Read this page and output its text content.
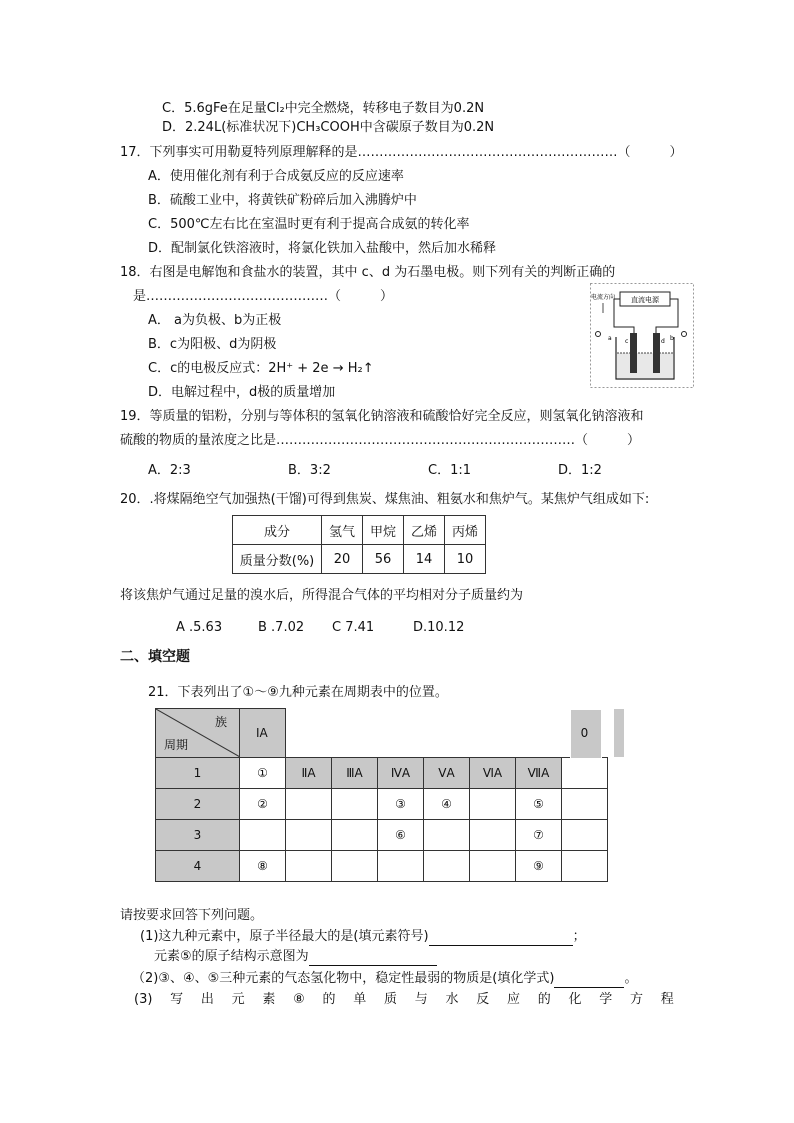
C．5.6gFe在足量Cl₂中完全燃烧，转移电子数目为0.2N
D．2.24L(标准状况下)CH₃COOH中含碳原子数目为0.2N
17．下列事实可用勒夏特列原理解释的是……………………………………………………（　　　）
A．使用催化剂有利于合成氨反应的反应速率
B．硫酸工业中，将黄铁矿粉碎后加入沸腾炉中
C．500℃左右比在室温时更有利于提高合成氨的转化率
D．配制氯化铁溶液时，将氯化铁加入盐酸中，然后加水稀释
18．右图是电解饱和食盐水的装置，其中 c、d 为石墨电极。则下列有关的判断正确的
是……………………………………（　　　）
A． a为负极、b为正极
B．c为阳极、d为阴极
C．c的电极反应式：2H⁺ + 2e → H₂↑
D．电解过程中，d极的质量增加
直流电源
电流方向
a	b
c	d
19．等质量的铝粉，分别与等体积的氢氧化钠溶液和硫酸恰好完全反应，则氢氧化钠溶液和
硫酸的物质的量浓度之比是……………………………………………………………（　　　）
A．2:3	B．3:2	C．1:1	D．1:2
20．.将煤隔绝空气加强热(干馏)可得到焦炭、煤焦油、粗氨水和焦炉气。某焦炉气组成如下:
成分	氢气	甲烷	乙烯	丙烯
质量分数(%)	20	56	14	10
将该焦炉气通过足量的溴水后，所得混合气体的平均相对分子质量约为
A .5.63	B .7.02 C 7.41	D.10.12
二、填空题
21．下表列出了①～⑨九种元素在周期表中的位置。
族
周期	ⅠA							0

1	①	ⅡA	ⅢA	ⅣA	ⅤA	ⅥA	ⅦA	
2	②			③	④		⑤	
3				⑥			⑦	
4	⑧						⑨	
请按要求回答下列问题。
(1)这九种元素中，原子半径最大的是(填元素符号)	；
元素⑤的原子结构示意图为
（2)③、④、⑤三种元素的气态氢化物中，稳定性最弱的物质是(填化学式)	。
(3) 写 出 元 素 ⑧ 的 单 质 与 水 反 应 的 化 学 方 程
